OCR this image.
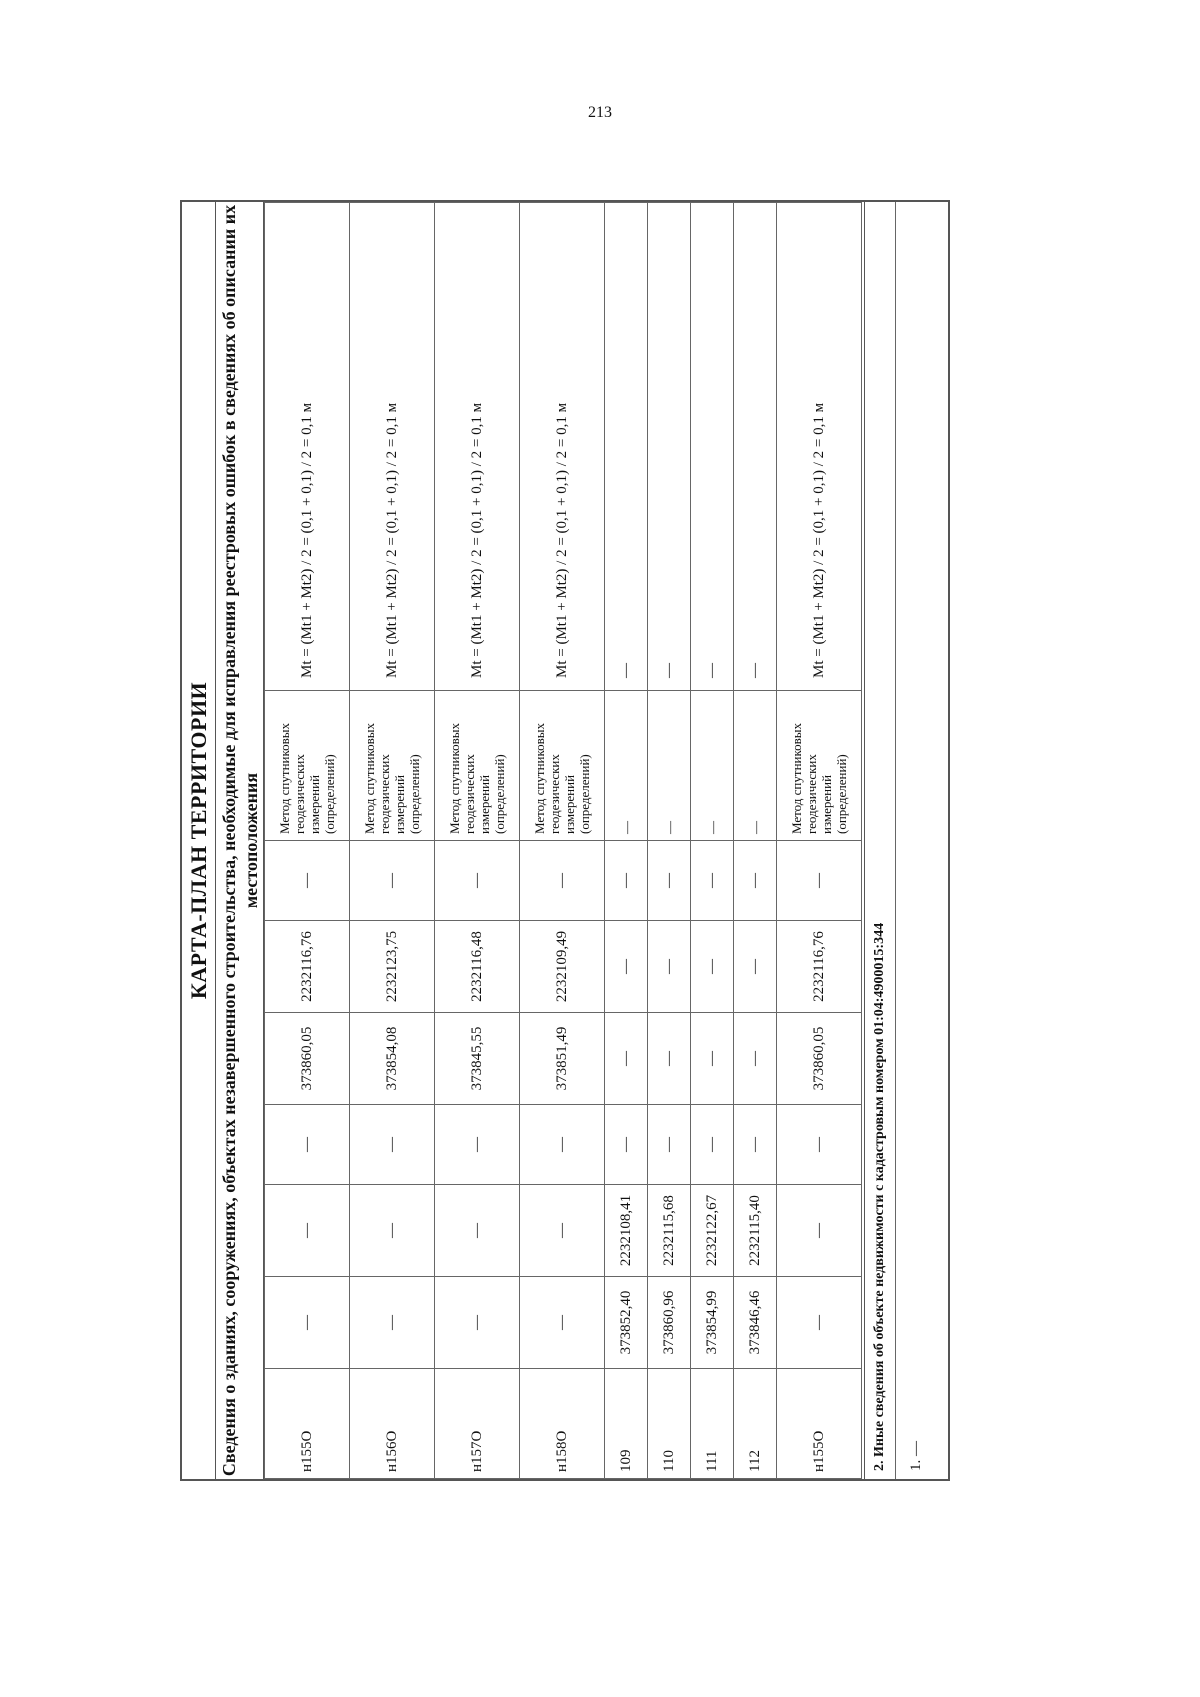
213
КАРТА-ПЛАН ТЕРРИТОРИИ Сведения о зданиях, сооружениях, объектах незавершенного строительства, необходимые для исправления реестровых ошибок в сведениях об описании их местоположения
н155О	—	—	—	373860,05	2232116,76	—	Метод спутниковых геодезических измерений (определений)	Mt = (Mt1 + Mt2) / 2 = (0,1 + 0,1) / 2 = 0,1 м
н156О	—	—	—	373854,08	2232123,75	—	Метод спутниковых геодезических измерений (определений)	Mt = (Mt1 + Mt2) / 2 = (0,1 + 0,1) / 2 = 0,1 м
н157О	—	—	—	373845,55	2232116,48	—	Метод спутниковых геодезических измерений (определений)	Mt = (Mt1 + Mt2) / 2 = (0,1 + 0,1) / 2 = 0,1 м
н158О	—	—	—	373851,49	2232109,49	—	Метод спутниковых геодезических измерений (определений)	Mt = (Mt1 + Mt2) / 2 = (0,1 + 0,1) / 2 = 0,1 м
109	373852,40	2232108,41	—	—	—	—	—	—
110	373860,96	2232115,68	—	—	—	—	—	—
111	373854,99	2232122,67	—	—	—	—	—	—
112	373846,46	2232115,40	—	—	—	—	—	—
н155О	—	—	—	373860,05	2232116,76	—	Метод спутниковых геодезических измерений (определений)	Mt = (Mt1 + Mt2) / 2 = (0,1 + 0,1) / 2 = 0,1 м
2. Иные сведения об объекте недвижимости с кадастровым номером 01:04:4900015:344	1. —
